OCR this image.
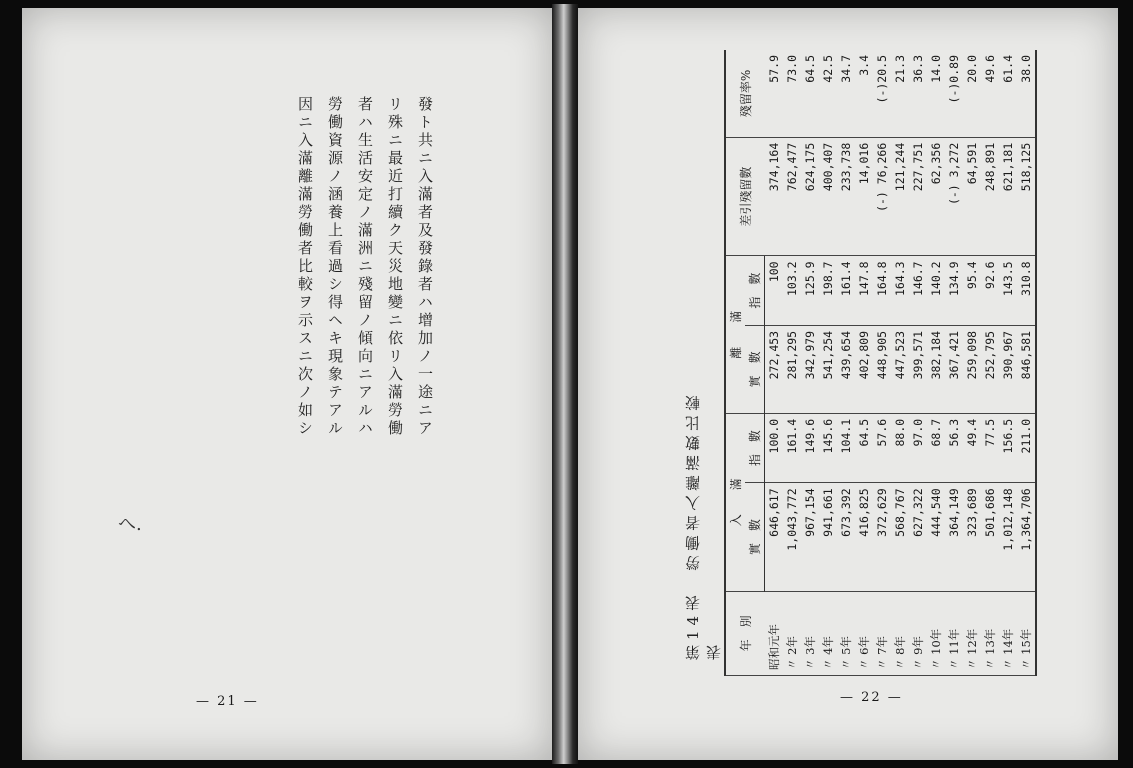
發ト共ニ入滿者及發錄者ハ增加ノ一途ニア
リ殊ニ最近打續ク天災地變ニ依リ入滿勞働
者ハ生活安定ノ滿洲ニ殘留ノ傾向ニアルハ
勞働資源ノ涵養上看過シ得ヘキ現象テアル
因ニ入滿離滿勞働者比較ヲ示スニ次ノ如シ
へ.
— 21 —
第14表　勞働者入離滿數比較表 年　別	入　　滿		離　　滿		差引殘留數	殘留率%
	實　數	指　數	實　數	指　數		
昭和元年	646,617	100.0	272,453	100	374,164	57.9
〃 2年	1,043,772	161.4	281,295	103.2	762,477	73.0
〃 3年	967,154	149.6	342,979	125.9	624,175	64.5
〃 4年	941,661	145.6	541,254	198.7	400,407	42.5
〃 5年	673,392	104.1	439,654	161.4	233,738	34.7
〃 6年	416,825	64.5	402,809	147.8	14,016	3.4
〃 7年	372,629	57.6	448,905	164.8	(-) 76,266	(-)20.5
〃 8年	568,767	88.0	447,523	164.3	121,244	21.3
〃 9年	627,322	97.0	399,571	146.7	227,751	36.3
〃 10年	444,540	68.7	382,184	140.2	62,356	14.0
〃 11年	364,149	56.3	367,421	134.9	(-) 3,272	(-)0.89
〃 12年	323,689	49.4	259,098	95.4	64,591	20.0
〃 13年	501,686	77.5	252,795	92.6	248,891	49.6
〃 14年	1,012,148	156.5	390,967	143.5	621,181	61.4
〃 15年	1,364,706	211.0	846,581	310.8	518,125	38.0
— 22 —
